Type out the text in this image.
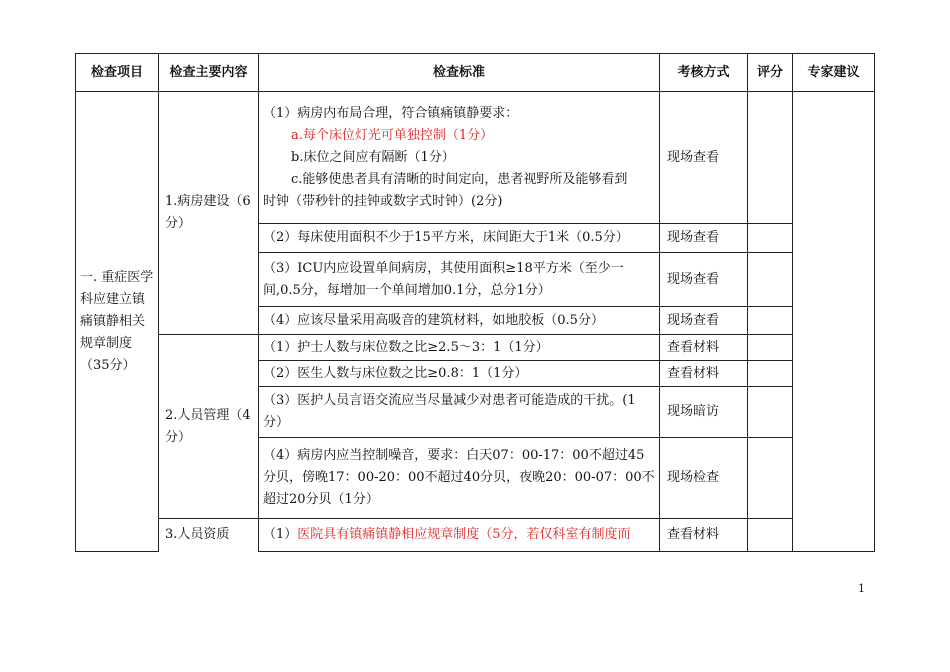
检查项目	检查主要内容	检查标准	考核方式	评分	专家建议
一. 重症医学科应建立镇痛镇静相关规章制度（35分）	1.病房建设（6分）	（1）病房内布局合理，符合镇痛镇静要求：
a.每个床位灯光可单独控制（1分）
b.床位之间应有隔断（1分）
c.能够使患者具有清晰的时间定向，患者视野所及能够看到
时钟（带秒针的挂钟或数字式时钟）(2分)	现场查看		
		（2）每床使用面积不少于15平方米，床间距大于1米（0.5分）	现场查看		
		（3）ICU内应设置单间病房，其使用面积≥18平方米（至少一间,0.5分，每增加一个单间增加0.1分，总分1分）	现场查看		
		（4）应该尽量采用高吸音的建筑材料，如地胶板（0.5分）	现场查看		
	2.人员管理（4分）	（1）护士人数与床位数之比≥2.5～3：1（1分）	查看材料		
		（2）医生人数与床位数之比≥0.8：1（1分）	查看材料		
		（3）医护人员言语交流应当尽量减少对患者可能造成的干扰。(1分）	现场暗访		
		（4）病房内应当控制噪音，要求：白天07：00-17：00不超过45分贝，傍晚17：00-20：00不超过40分贝，夜晚20：00-07：00不超过20分贝（1分）	现场检查		
	3.人员资质	（1）医院具有镇痛镇静相应规章制度（5分，若仅科室有制度而	查看材料		
1
